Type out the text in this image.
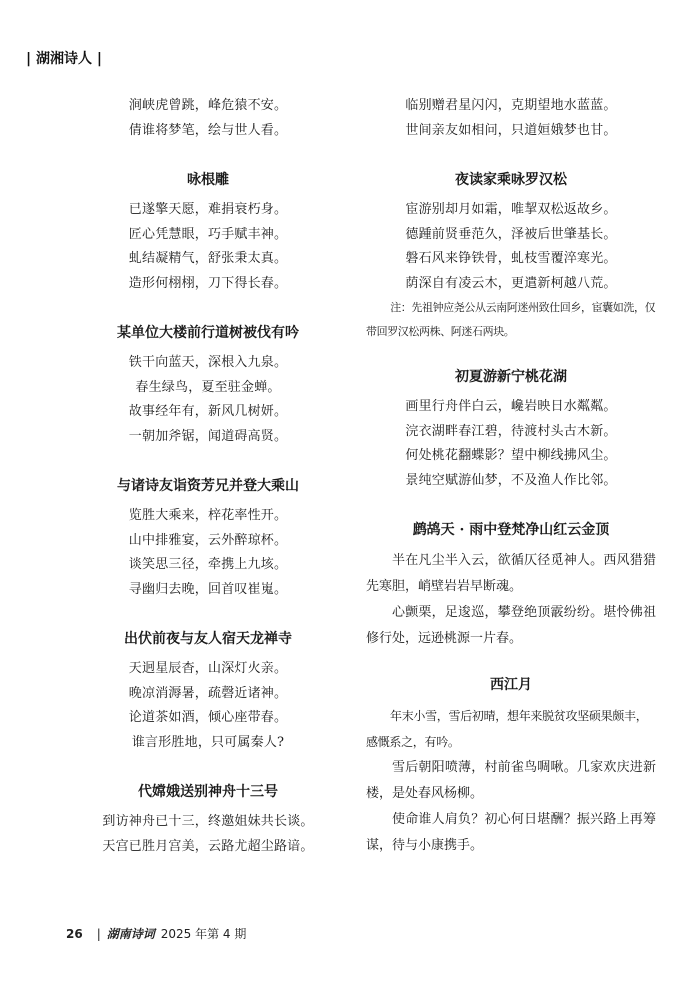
| 湖湘诗人 |
涧峡虎曾跳，峰危猿不安。
倩谁将梦笔，绘与世人看。
咏根雕
已遂擎天愿，难捐衰朽身。
匠心凭慧眼，巧手赋丰神。
虬结凝精气，舒张秉太真。
造形何栩栩，刀下得长春。
某单位大楼前行道树被伐有吟
铁干向蓝天，深根入九泉。
春生绿鸟，夏至驻金蝉。
故事经年有，新风几树妍。
一朝加斧锯，闻道碍高贤。
与诸诗友诣资芳兄并登大乘山
览胜大乘来，梓花率性开。
山中排雅宴，云外醉琼杯。
谈笑思三径，牵携上九垓。
寻幽归去晚，回首叹崔嵬。
出伏前夜与友人宿天龙禅寺
天迥星辰杳，山深灯火亲。
晚凉消溽暑，疏磬近诸神。
论道茶如酒，倾心座带春。
谁言形胜地，只可属秦人?
代嫦娥送别神舟十三号
到访神舟已十三，终邀姐妹共长谈。
天宫已胜月宫美，云路尤超尘路谙。
临别赠君星闪闪，克期望地水蓝蓝。
世间亲友如相问，只道姮娥梦也甘。
夜读家乘咏罗汉松
宦游别却月如霜，唯挈双松返故乡。
德踵前贤垂范久，泽被后世肇基长。
磐石风来铮铁骨，虬枝雪覆淬寒光。
荫深自有凌云木，更遣新柯越八荒。

注：先祖钟应尧公从云南阿迷州致仕回乡，宦囊如洗，仅带回罗汉松两株、阿迷石两块。

初夏游新宁桃花湖
画里行舟伴白云，巉岩映日水粼粼。
浣衣湖畔春江碧，待渡村头古木新。
何处桃花翻蝶影？望中柳线拂风尘。
景纯空赋游仙梦，不及渔人作比邻。
鹧鸪天 · 雨中登梵净山红云金顶

半在凡尘半入云，欲循仄径觅神人。西风猎猎先寒胆，峭壁岩岩早断魂。

心颤栗，足逡巡，攀登绝顶霰纷纷。堪怜佛祖修行处，远逊桃源一片春。

西江月

年末小雪，雪后初晴，想年来脱贫攻坚硕果颇丰，感慨系之，有吟。

雪后朝阳喷薄，村前雀鸟啁啾。几家欢庆进新楼，是处春风杨柳。

使命谁人肩负？初心何日堪酬？振兴路上再筹谋，待与小康携手。

26 | 湖南诗词 2025 年第 4 期
